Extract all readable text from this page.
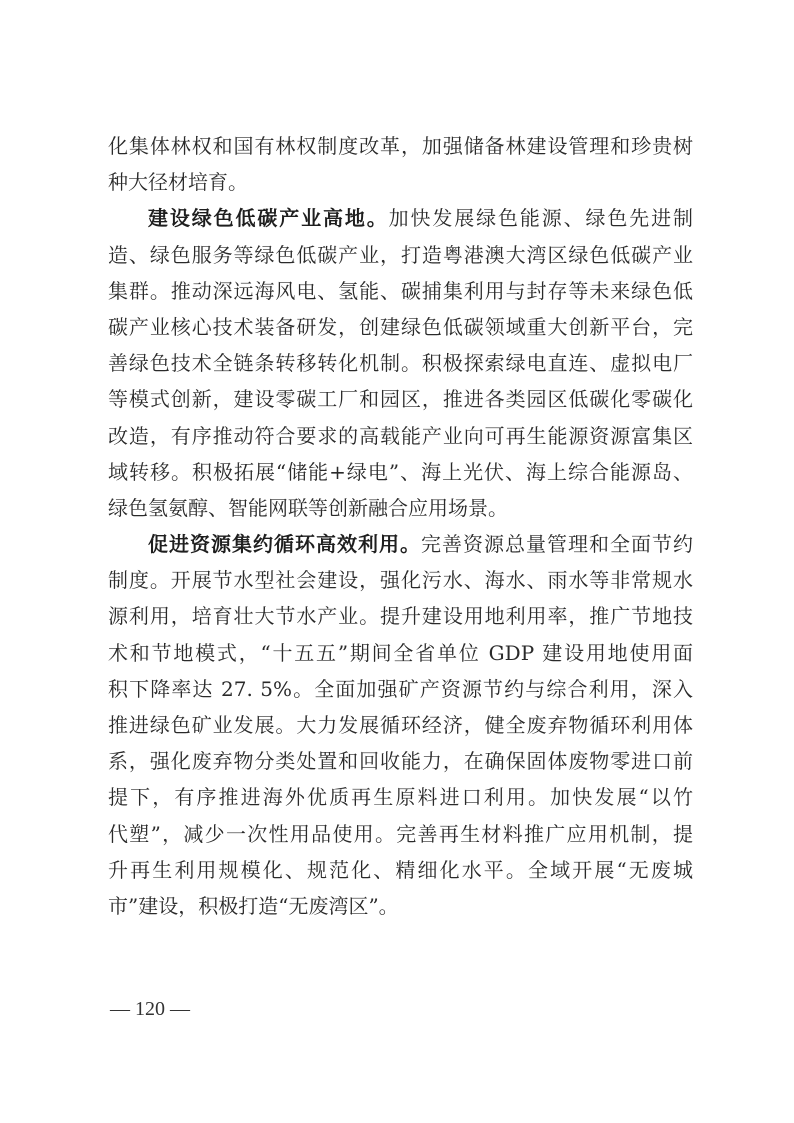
化集体林权和国有林权制度改革，加强储备林建设管理和珍贵树
种大径材培育。
建设绿色低碳产业高地。加快发展绿色能源、绿色先进制
造、绿色服务等绿色低碳产业，打造粤港澳大湾区绿色低碳产业
集群。推动深远海风电、氢能、碳捕集利用与封存等未来绿色低
碳产业核心技术装备研发，创建绿色低碳领域重大创新平台，完
善绿色技术全链条转移转化机制。积极探索绿电直连、虚拟电厂
等模式创新，建设零碳工厂和园区，推进各类园区低碳化零碳化
改造，有序推动符合要求的高载能产业向可再生能源资源富集区
域转移。积极拓展“储能+绿电”、海上光伏、海上综合能源岛、
绿色氢氨醇、智能网联等创新融合应用场景。
促进资源集约循环高效利用。完善资源总量管理和全面节约
制度。开展节水型社会建设，强化污水、海水、雨水等非常规水
源利用，培育壮大节水产业。提升建设用地利用率，推广节地技
术和节地模式，“十五五”期间全省单位 GDP 建设用地使用面
积下降率达 27. 5%。全面加强矿产资源节约与综合利用，深入
推进绿色矿业发展。大力发展循环经济，健全废弃物循环利用体
系，强化废弃物分类处置和回收能力，在确保固体废物零进口前
提下，有序推进海外优质再生原料进口利用。加快发展“以竹
代塑”，减少一次性用品使用。完善再生材料推广应用机制，提
升再生利用规模化、规范化、精细化水平。全域开展“无废城
市”建设，积极打造“无废湾区”。
— 120 —
